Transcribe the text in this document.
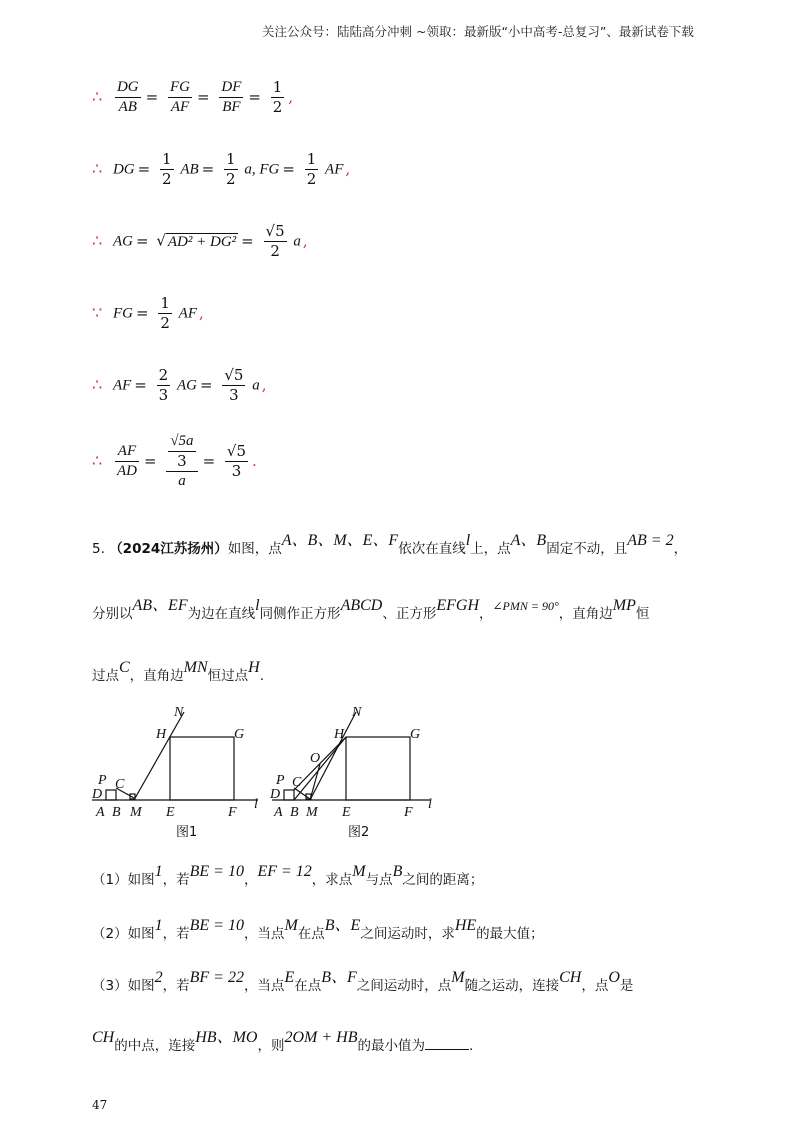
关注公众号：陆陆高分冲刺 ~领取：最新版“小中高考-总复习”、最新试卷下载
∴ $\frac{DG}{AB} = \frac{FG}{AF} = \frac{DF}{BF} = \frac{1}{2}$ ,
∴ DG = $\frac{1}{2}$ AB = $\frac{1}{2} a$, FG = $\frac{1}{2}$ AF ,
∴ AG = √ $AD^2 + DG^2 = \frac{√5}{2}$ a ,
∵ FG = $\frac{1}{2}$ AF ,
∴ AF = $\frac{2}{3}$ AG = $\frac{√5}{3}$ a ,
∴ $\frac{AF}{AD} = \frac{\frac{√5a}{3}}{a} = \frac{√5}{3}$ .
5. （2024江苏扬州）如图，点A、B、M、E、F依次在直线l上，点A、B固定不动，且AB = 2，
分别以AB、EF为边在直线l同侧作正方形ABCD、正方形EFGH，∠PMN = 90°，直角边MP恒
过点C，直角边MN恒过点H.
N
H	G
P C
D
A B M E	F
l
图1
N
H	G
O
P C
D
A B M E	F
l
图2
（1）如图1，若BE = 10，EF = 12，求点M与点B之间的距离；
（2）如图1，若BE = 10，当点M在点B、E之间运动时，求HE的最大值；
（3）如图2，若BF = 22，当点E在点B、F之间运动时，点M随之运动，连接CH，点O是
CH的中点，连接HB、MO，则2OM + HB的最小值为	.
47
